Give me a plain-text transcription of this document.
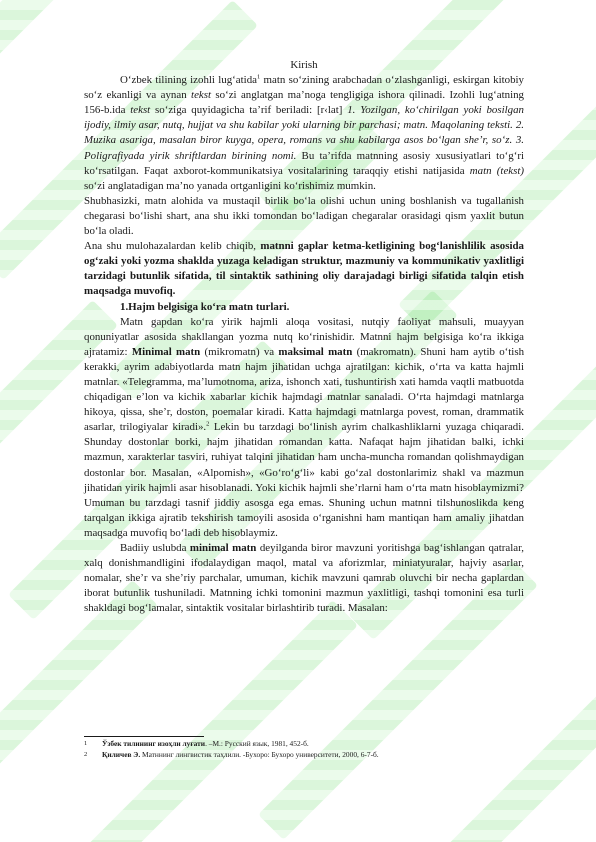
Kirish

O‘zbek tilining izohli lug‘atida$^1$ matn so‘zining arabchadan o‘zlashganligi, eskirgan kitobiy so‘z ekanligi va aynan tekst so‘zi anglatgan ma’noga tengligiga ishora qilinadi. Izohli lug‘atning 156-b.ida tekst so‘ziga quyidagicha ta’rif beriladi: [r‹lat] 1. Yozilgan, ko‘chirilgan yoki bosilgan ijodiy, ilmiy asar, nutq, hujjat va shu kabilar yoki ularning bir parchasi; matn. Maqolaning teksti. 2. Muzika asariga, masalan biror kuyga, opera, romans va shu kabilarga asos bo‘lgan she’r, so‘z. 3. Poligrafiyada yirik shriftlardan birining nomi. Bu ta’rifda matnning asosiy xususiyatlari to‘g‘ri ko‘rsatilgan. Faqat axborot-kommunikatsiya vositalarining taraqqiy etishi natijasida matn (tekst) so‘zi anglatadigan ma’no yanada ortganligini ko‘rishimiz mumkin.

Shubhasizki, matn alohida va mustaqil birlik bo‘la olishi uchun uning boshlanish va tugallanish chegarasi bo‘lishi shart, ana shu ikki tomondan bo‘ladigan chegaralar orasidagi qism yaxlit butun bo‘la oladi.

Ana shu mulohazalardan kelib chiqib, matnni gaplar ketma-ketligining bog‘lanishlilik asosida og‘zaki yoki yozma shaklda yuzaga keladigan struktur, mazmuniy va kommunikativ yaxlitligi tarzidagi butunlik sifatida, til sintaktik sathining oliy darajadagi birligi sifatida talqin etish maqsadga muvofiq.

1.Hajm belgisiga ko‘ra matn turlari.

Matn gapdan ko‘ra yirik hajmli aloqa vositasi, nutqiy faoliyat mahsuli, muayyan qonuniyatlar asosida shakllangan yozma nutq ko‘rinishidir. Matnni hajm belgisiga ko‘ra ikkiga ajratamiz: Minimal matn (mikromatn) va maksimal matn (makromatn). Shuni ham aytib o‘tish kerakki, ayrim adabiyotlarda matn hajm jihatidan uchga ajratilgan: kichik, o‘rta va katta hajmli matnlar. «Telegramma, ma’lumotnoma, ariza, ishonch xati, tushuntirish xati hamda vaqtli matbuotda chiqadigan e’lon va kichik xabarlar kichik hajmdagi matnlar sanaladi. O‘rta hajmdagi matnlarga hikoya, qissa, she’r, doston, poemalar kiradi. Katta hajmdagi matnlarga povest, roman, drammatik asarlar, trilogiyalar kiradi».$^2$ Lekin bu tarzdagi bo‘linish ayrim chalkashliklarni yuzaga chiqaradi. Shunday dostonlar borki, hajm jihatidan romandan katta. Nafaqat hajm jihatidan balki, ichki mazmun, xarakterlar tasviri, ruhiyat talqini jihatidan ham uncha-muncha romandan qolishmaydigan dostonlar bor. Masalan, «Alpomish», «Go‘ro‘g‘li» kabi go‘zal dostonlarimiz shakl va mazmun jihatidan yirik hajmli asar hisoblanadi. Yoki kichik hajmli she’rlarni ham o‘rta matn hisoblaymizmi? Umuman bu tarzdagi tasnif jiddiy asosga ega emas. Shuning uchun matnni tilshunoslikda keng tarqalgan ikkiga ajratib tekshirish tamoyili asosida o‘rganishni ham mantiqan ham amaliy jihatdan maqsadga muvofiq bo‘ladi deb hisoblaymiz.

Badiiy uslubda minimal matn deyilganda biror mavzuni yoritishga bag‘ishlangan qatralar, xalq donishmandligini ifodalaydigan maqol, matal va aforizmlar, miniatyuralar, hajviy asarlar, nomalar, she’r va she’riy parchalar, umuman, kichik mavzuni qamrab oluvchi bir necha gaplardan iborat butunlik tushuniladi. Matnning ichki tomonini mazmun yaxlitligi, tashqi tomonini esa turli shakldagi bog‘lamalar, sintaktik vositalar birlashtirib turadi. Masalan:

1 Ўзбек тилининг изоҳли луғати. –М.: Русский язык, 1981, 452-б.
2 Қиличев Э. Матннинг лингвистик таҳлили. -Бухоро: Бухоро университети, 2000, 6-7-б.
